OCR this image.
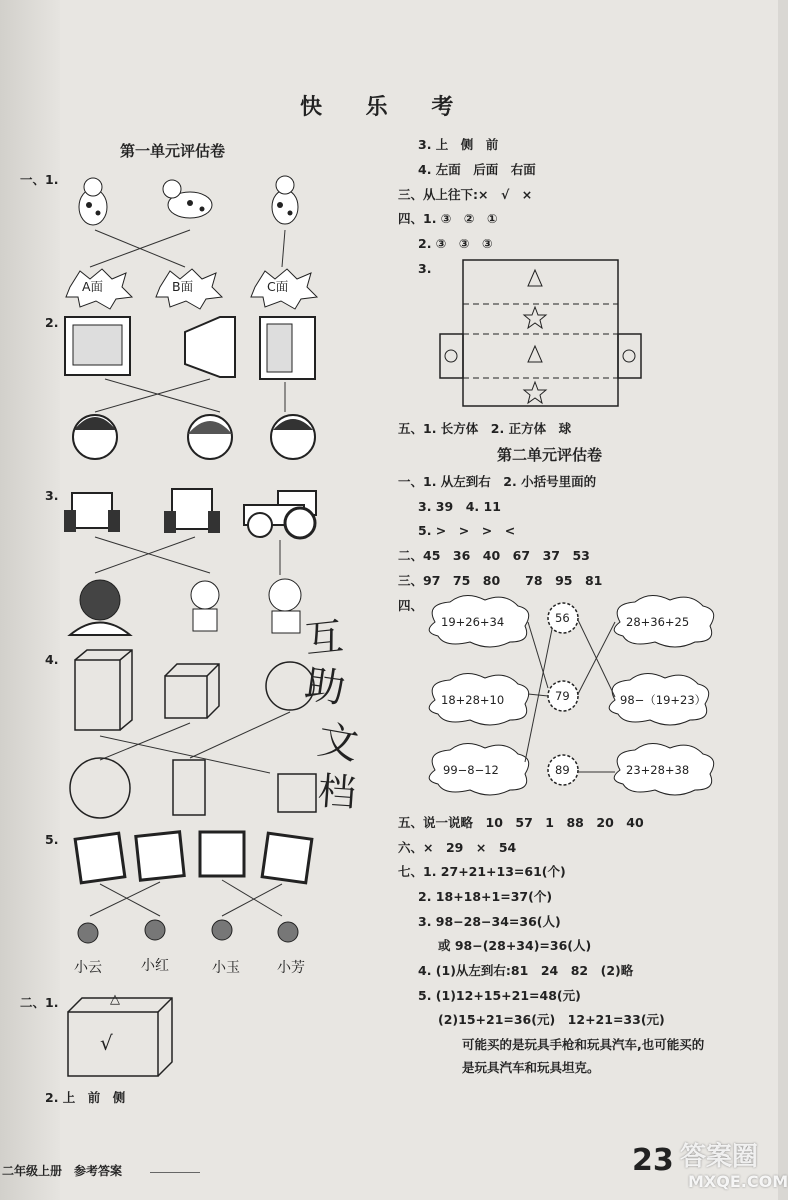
快 乐 考
第一单元评估卷
一、1.
A面	B面	C面
2.
3.
4.
5.
小云	小红	小玉	小芳
二、1.	△
√
2. 上　前　侧
互
助
文
档
3. 上　侧　前
4. 左面　后面　右面
三、从上往下:×　√　×
四、1. ③　②　①
2. ③　③　③
3.
五、1. 长方体　2. 正方体　球
第二单元评估卷
一、1. 从左到右　2. 小括号里面的
3. 39　4. 11
5. >　>　>　<
二、45　36　40　67　37　53
三、97　75　80　　78　95　81
四、
19+26+34
18+28+10
99−8−12
56
79
89
28+36+25
98−（19+23）
23+28+38
五、说一说略　10　57　1　88　20　40
六、×　29　×　54
七、1. 27+21+13=61(个)
2. 18+18+1=37(个)
3. 98−28−34=36(人)
或 98−(28+34)=36(人)
4. (1)从左到右:81　24　82　(2)略
5. (1)12+15+21=48(元)
(2)15+21=36(元)　12+21=33(元)
可能买的是玩具手枪和玩具汽车,也可能买的
是玩具汽车和玩具坦克。
二年级上册　参考答案	23 答案圈
MXQE.COM
